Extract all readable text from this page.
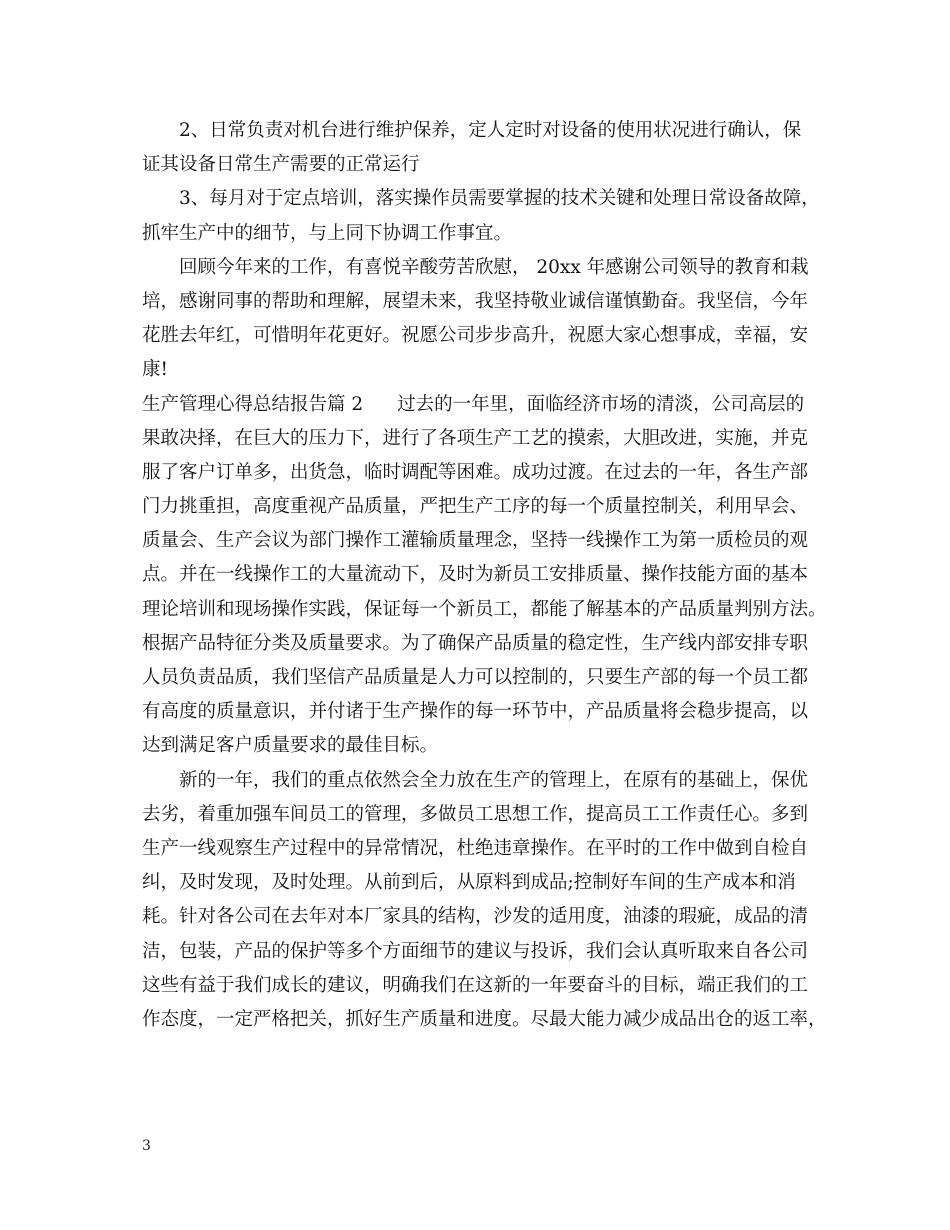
2、日常负责对机台进行维护保养，定人定时对设备的使用状况进行确认，保
证其设备日常生产需要的正常运行
3、每月对于定点培训，落实操作员需要掌握的技术关键和处理日常设备故障，
抓牢生产中的细节，与上同下协调工作事宜。
回顾今年来的工作，有喜悦辛酸劳苦欣慰， 20xx 年感谢公司领导的教育和栽
培，感谢同事的帮助和理解，展望未来，我坚持敬业诚信谨慎勤奋。我坚信，今年
花胜去年红，可惜明年花更好。祝愿公司步步高升，祝愿大家心想事成，幸福，安
康!
生产管理心得总结报告篇 2 过去的一年里，面临经济市场的清淡，公司高层的
果敢决择，在巨大的压力下，进行了各项生产工艺的摸索，大胆改进，实施，并克
服了客户订单多，出货急，临时调配等困难。成功过渡。在过去的一年，各生产部
门力挑重担，高度重视产品质量，严把生产工序的每一个质量控制关，利用早会、
质量会、生产会议为部门操作工灌输质量理念，坚持一线操作工为第一质检员的观
点。并在一线操作工的大量流动下，及时为新员工安排质量、操作技能方面的基本
理论培训和现场操作实践，保证每一个新员工，都能了解基本的产品质量判别方法。
根据产品特征分类及质量要求。为了确保产品质量的稳定性，生产线内部安排专职
人员负责品质，我们坚信产品质量是人力可以控制的，只要生产部的每一个员工都
有高度的质量意识，并付诸于生产操作的每一环节中，产品质量将会稳步提高，以
达到满足客户质量要求的最佳目标。
新的一年，我们的重点依然会全力放在生产的管理上，在原有的基础上，保优
去劣，着重加强车间员工的管理，多做员工思想工作，提高员工工作责任心。多到
生产一线观察生产过程中的异常情况，杜绝违章操作。在平时的工作中做到自检自
纠，及时发现，及时处理。从前到后，从原料到成品;控制好车间的生产成本和消
耗。针对各公司在去年对本厂家具的结构，沙发的适用度，油漆的瑕疵，成品的清
洁，包装，产品的保护等多个方面细节的建议与投诉，我们会认真听取来自各公司
这些有益于我们成长的建议，明确我们在这新的一年要奋斗的目标，端正我们的工
作态度，一定严格把关，抓好生产质量和进度。尽最大能力减少成品出仓的返工率，
3
